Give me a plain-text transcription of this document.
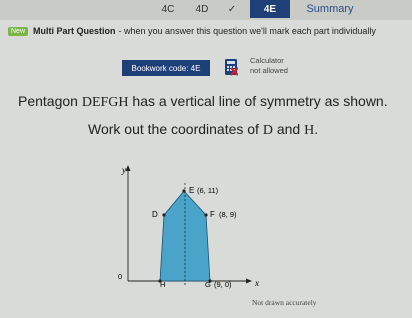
4C	4D	✓	4E	Summary
New Multi Part Question - when you answer this question we'll mark each part individually
Bookwork code: 4E
Calculator
not allowed
Pentagon DEFGH has a vertical line of symmetry as shown.
Work out the coordinates of D and H.
y
x
0
E (6, 11)
D	F (8, 9)
H	G (9, 0)
Not drawn accurately
